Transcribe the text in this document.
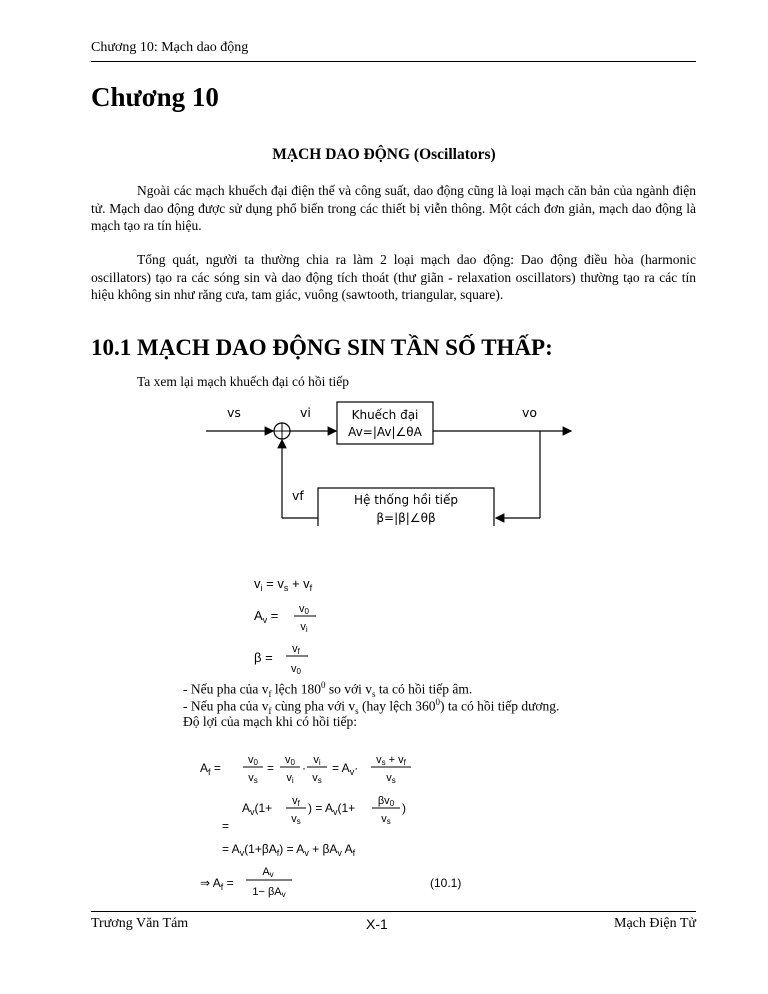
Chương 10: Mạch dao động
Chương 10
MẠCH DAO ĐỘNG (Oscillators)

Ngoài các mạch khuếch đại điện thế và công suất, dao động cũng là loại mạch căn bản của ngành điện tử. Mạch dao động được sử dụng phổ biến trong các thiết bị viễn thông. Một cách đơn giản, mạch dao động là mạch tạo ra tín hiệu.

Tổng quát, người ta thường chia ra làm 2 loại mạch dao động: Dao động điều hòa (harmonic oscillators) tạo ra các sóng sin và dao động tích thoát (thư giãn - relaxation oscillators) thường tạo ra các tín hiệu không sin như răng cưa, tam giác, vuông (sawtooth, triangular, square).

10.1 MẠCH DAO ĐỘNG SIN TẦN SỐ THẤP:
Ta xem lại mạch khuếch đại có hồi tiếp
vs	vi	vo
vf
Khuếch đại
Av=|Av|∠θA
Hệ thống hồi tiếp
β=|β|∠θβ
$v_i = v_s + v_f$
$A_v = v0$
vi
β =
vf
v0
- Nếu pha của $v_f$ lệch $180^0$ so với $v_s$ ta có hồi tiếp âm.
- Nếu pha của $v_f$ cùng pha với $v_s$ (hay lệch $360^0$) ta có hồi tiếp dương.
Độ lợi của mạch khi có hồi tiếp:
$A_f$ =
v0
vs
=
v0
vi
·
vi
vs
= $A_v\cdot$
vs + vf
vs
=
$A_v(1+$ vf
vs
) = $A_v(1+ \beta v0$
vs
)
= $A_v(1+\beta A_f) = A_v + \beta A_v$ $A_f$
⇒ $A_f$ =
Av
1− βAv
(10.1)
Trương Văn Tám	X-1	Mạch Điện Tử
